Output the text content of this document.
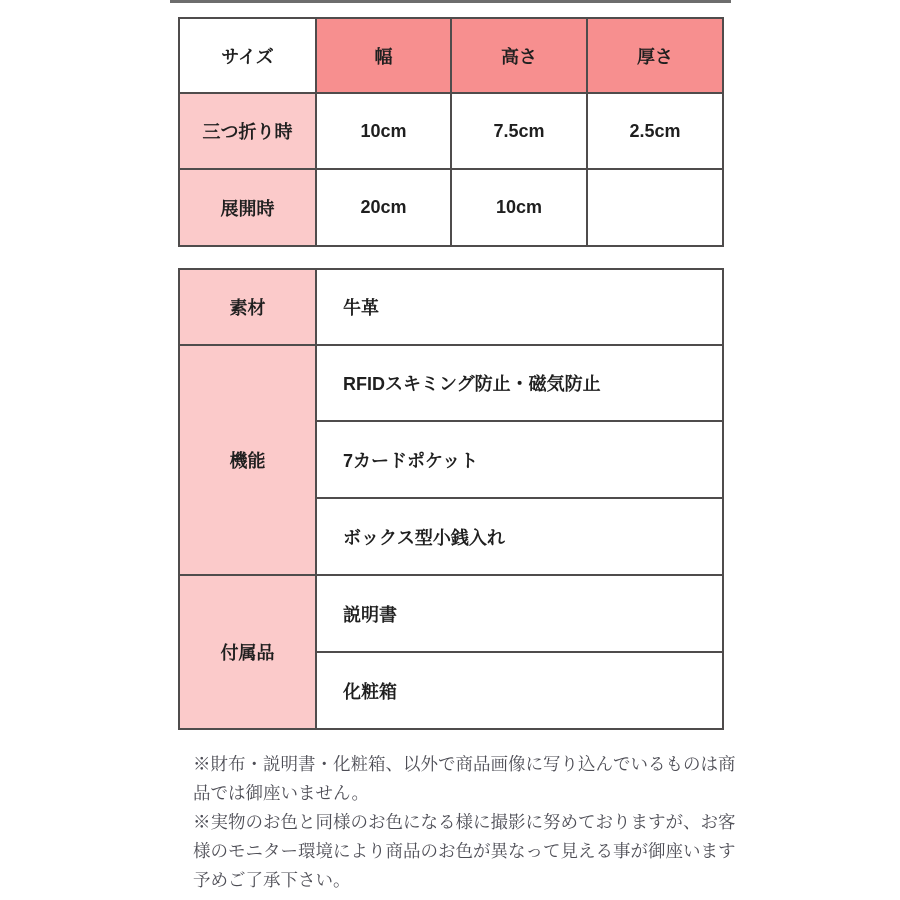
サイズ	幅	高さ	厚さ
三つ折り時	10cm	7.5cm	2.5cm
展開時	20cm	10cm	
素材	牛革
機能	RFIDスキミング防止・磁気防止
	7カードポケット
	ボックス型小銭入れ
付属品	説明書
	化粧箱

※財布・説明書・化粧箱、以外で商品画像に写り込んでいるものは商品では御座いません。

※実物のお色と同様のお色になる様に撮影に努めておりますが、お客様のモニター環境により商品のお色が異なって見える事が御座います予めご了承下さい。
